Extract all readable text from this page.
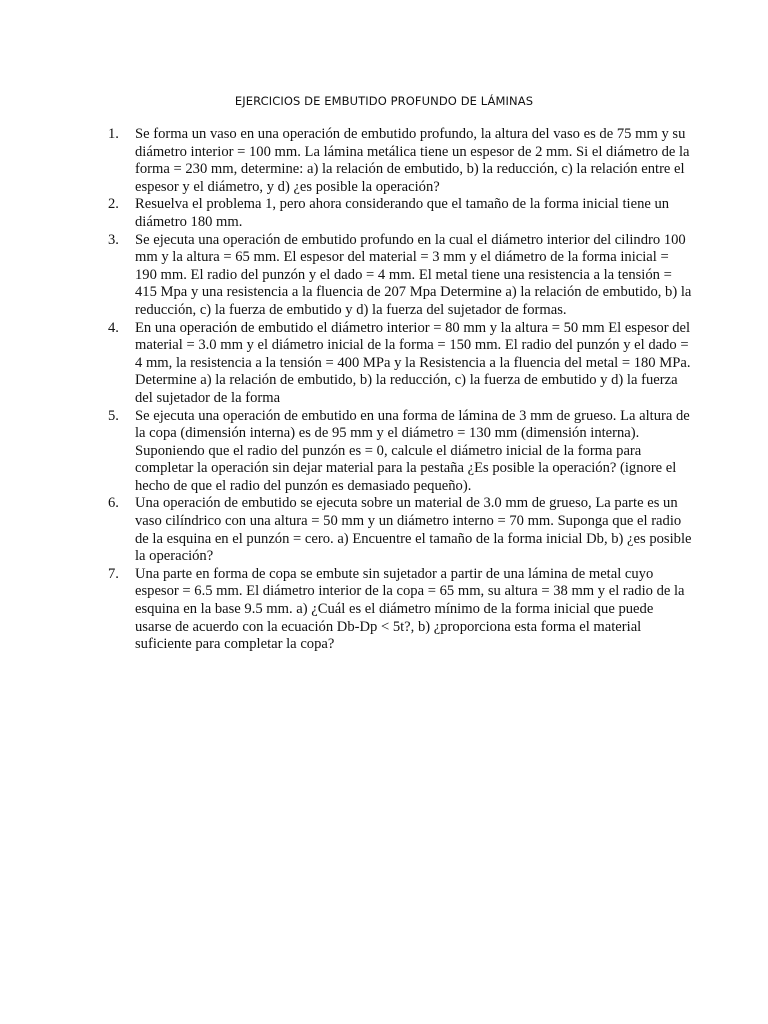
EJERCICIOS DE EMBUTIDO PROFUNDO DE LÁMINAS
1. Se forma un vaso en una operación de embutido profundo, la altura del vaso es de 75 mm y su diámetro interior = 100 mm. La lámina metálica tiene un espesor de 2 mm. Si el diámetro de la forma = 230 mm, determine: a) la relación de embutido, b) la reducción, c) la relación entre el espesor y el diámetro, y d) ¿es posible la operación?
2. Resuelva el problema 1, pero ahora considerando que el tamaño de la forma inicial tiene un diámetro 180 mm.
3. Se ejecuta una operación de embutido profundo en la cual el diámetro interior del cilindro 100 mm y la altura = 65 mm. El espesor del material = 3 mm y el diámetro de la forma inicial = 190 mm. El radio del punzón y el dado = 4 mm. El metal tiene una resistencia a la tensión = 415 Mpa y una resistencia a la fluencia de 207 Mpa Determine a) la relación de embutido, b) la reducción, c) la fuerza de embutido y d) la fuerza del sujetador de formas.
4. En una operación de embutido el diámetro interior = 80 mm y la altura = 50 mm El espesor del material = 3.0 mm y el diámetro inicial de la forma = 150 mm. El radio del punzón y el dado = 4 mm, la resistencia a la tensión = 400 MPa y la Resistencia a la fluencia del metal = 180 MPa. Determine a) la relación de embutido, b) la reducción, c) la fuerza de embutido y d) la fuerza del sujetador de la forma
5. Se ejecuta una operación de embutido en una forma de lámina de 3 mm de grueso. La altura de la copa (dimensión interna) es de 95 mm y el diámetro = 130 mm (dimensión interna). Suponiendo que el radio del punzón es = 0, calcule el diámetro inicial de la forma para completar la operación sin dejar material para la pestaña ¿Es posible la operación? (ignore el hecho de que el radio del punzón es demasiado pequeño).
6. Una operación de embutido se ejecuta sobre un material de 3.0 mm de grueso, La parte es un vaso cilíndrico con una altura = 50 mm y un diámetro interno = 70 mm. Suponga que el radio de la esquina en el punzón = cero. a) Encuentre el tamaño de la forma inicial Db, b) ¿es posible la operación?
7. Una parte en forma de copa se embute sin sujetador a partir de una lámina de metal cuyo espesor = 6.5 mm. El diámetro interior de la copa = 65 mm, su altura = 38 mm y el radio de la esquina en la base 9.5 mm. a) ¿Cuál es el diámetro mínimo de la forma inicial que puede usarse de acuerdo con la ecuación Db-Dp < 5t?, b) ¿proporciona esta forma el material suficiente para completar la copa?
